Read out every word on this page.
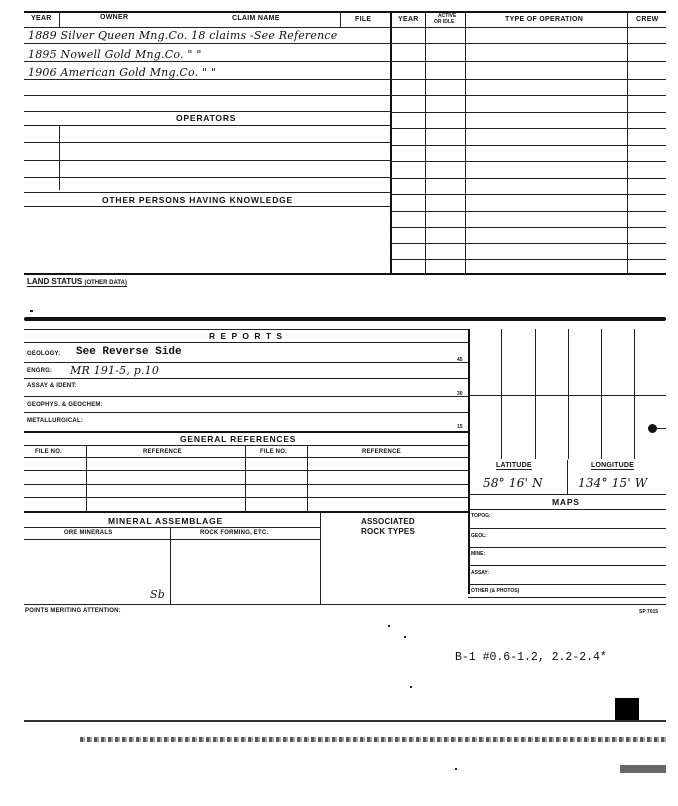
YEAR	OWNER	CLAIM NAME	FILE	YEAR	ACTIVE
OR IDLE	TYPE OF OPERATION	CREW
1889 Silver Queen Mng.Co. 18 claims -See Reference
1895 Nowell Gold Mng.Co. " "
1906 American Gold Mng.Co. " "
OPERATORS
OTHER PERSONS HAVING KNOWLEDGE
LAND STATUS (OTHER DATA)
R E P O R T S
GEOLOGY: See Reverse Side
45
ENGRG: MR 191-5, p.10
ASSAY & IDENT:
30
GEOPHYS. & GEOCHEM:
METALLURGICAL:
15
GENERAL REFERENCES
FILE NO.	REFERENCE	FILE NO.	REFERENCE
MINERAL ASSEMBLAGE	ASSOCIATED
ROCK TYPES
ORE MINERALS	ROCK FORMING, ETC.
Sb
LATITUDE	LONGITUDE
58° 16' N	134° 15' W
MAPS
TOPOG:
GEOL:
MINE:
ASSAY:
OTHER (& PHOTOS)
POINTS MERITING ATTENTION:	SP 7015
B-1 #0.6-1.2, 2.2-2.4*
